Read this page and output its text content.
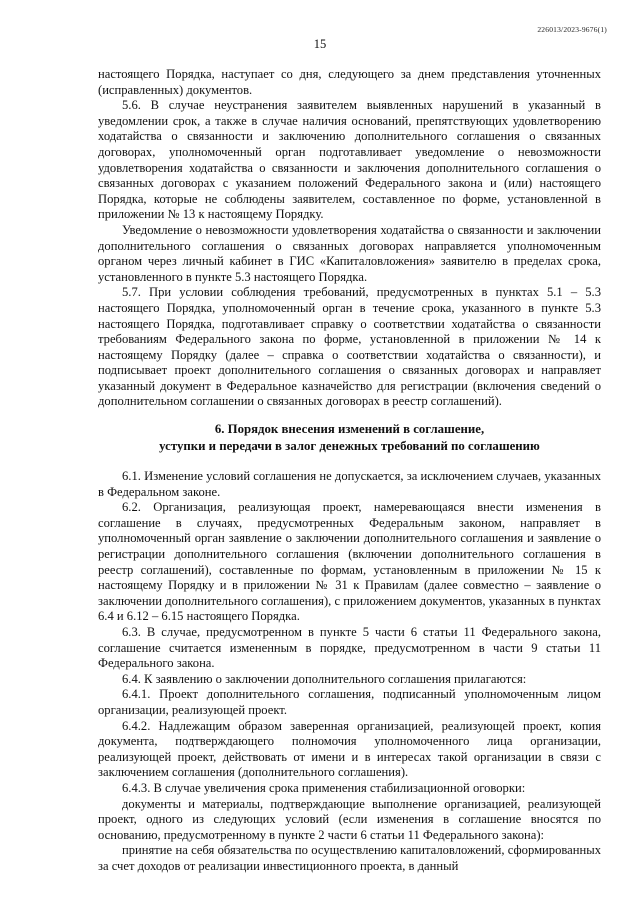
226013/2023-9676(1)
15

настоящего Порядка, наступает со дня, следующего за днем представления уточненных (исправленных) документов.

5.6. В случае неустранения заявителем выявленных нарушений в указанный в уведомлении срок, а также в случае наличия оснований, препятствующих удовлетворению ходатайства о связанности и заключению дополнительного соглашения о связанных договорах, уполномоченный орган подготавливает уведомление о невозможности удовлетворения ходатайства о связанности и заключения дополнительного соглашения о связанных договорах с указанием положений Федерального закона и (или) настоящего Порядка, которые не соблюдены заявителем, составленное по форме, установленной в приложении № 13 к настоящему Порядку.

Уведомление о невозможности удовлетворения ходатайства о связанности и заключении дополнительного соглашения о связанных договорах направляется уполномоченным органом через личный кабинет в ГИС «Капиталовложения» заявителю в пределах срока, установленного в пункте 5.3 настоящего Порядка.

5.7. При условии соблюдения требований, предусмотренных в пунктах 5.1 – 5.3 настоящего Порядка, уполномоченный орган в течение срока, указанного в пункте 5.3 настоящего Порядка, подготавливает справку о соответствии ходатайства о связанности требованиям Федерального закона по форме, установленной в приложении № 14 к настоящему Порядку (далее – справка о соответствии ходатайства о связанности), и подписывает проект дополнительного соглашения о связанных договорах и направляет указанный документ в Федеральное казначейство для регистрации (включения сведений о дополнительном соглашении о связанных договорах в реестр соглашений).

6. Порядок внесения изменений в соглашение,
уступки и передачи в залог денежных требований по соглашению

6.1. Изменение условий соглашения не допускается, за исключением случаев, указанных в Федеральном законе.

6.2. Организация, реализующая проект, намеревающаяся внести изменения в соглашение в случаях, предусмотренных Федеральным законом, направляет в уполномоченный орган заявление о заключении дополнительного соглашения и заявление о регистрации дополнительного соглашения (включении дополнительного соглашения в реестр соглашений), составленные по формам, установленным в приложении № 15 к настоящему Порядку и в приложении № 31 к Правилам (далее совместно – заявление о заключении дополнительного соглашения), с приложением документов, указанных в пунктах 6.4 и 6.12 – 6.15 настоящего Порядка.

6.3. В случае, предусмотренном в пункте 5 части 6 статьи 11 Федерального закона, соглашение считается измененным в порядке, предусмотренном в части 9 статьи 11 Федерального закона.

6.4. К заявлению о заключении дополнительного соглашения прилагаются:

6.4.1. Проект дополнительного соглашения, подписанный уполномоченным лицом организации, реализующей проект.

6.4.2. Надлежащим образом заверенная организацией, реализующей проект, копия документа, подтверждающего полномочия уполномоченного лица организации, реализующей проект, действовать от имени и в интересах такой организации в связи с заключением соглашения (дополнительного соглашения).

6.4.3. В случае увеличения срока применения стабилизационной оговорки:

документы и материалы, подтверждающие выполнение организацией, реализующей проект, одного из следующих условий (если изменения в соглашение вносятся по основанию, предусмотренному в пункте 2 части 6 статьи 11 Федерального закона):

принятие на себя обязательства по осуществлению капиталовложений, сформированных за счет доходов от реализации инвестиционного проекта, в данный
